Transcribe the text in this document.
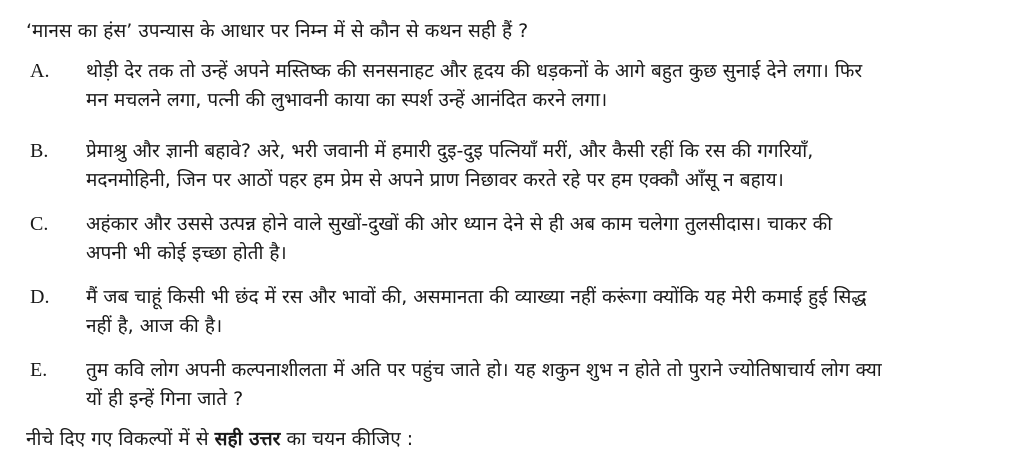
‘मानस का हंस’ उपन्यास के आधार पर निम्न में से कौन से कथन सही हैं ?
A. थोड़ी देर तक तो उन्हें अपने मस्तिष्क की सनसनाहट और हृदय की धड़कनों के आगे बहुत कुछ सुनाई देने लगा। फिर
मन मचलने लगा, पत्नी की लुभावनी काया का स्पर्श उन्हें आनंदित करने लगा।
B. प्रेमाश्रु और ज्ञानी बहावे? अरे, भरी जवानी में हमारी दुइ-दुइ पत्नियाँ मरीं, और कैसी रहीं कि रस की गगरियाँ,
मदनमोहिनी, जिन पर आठों पहर हम प्रेम से अपने प्राण निछावर करते रहे पर हम एक्कौ आँसू न बहाय।
C. अहंकार और उससे उत्पन्न होने वाले सुखों-दुखों की ओर ध्यान देने से ही अब काम चलेगा तुलसीदास। चाकर की
अपनी भी कोई इच्छा होती है।
D. मैं जब चाहूं किसी भी छंद में रस और भावों की, असमानता की व्याख्या नहीं करूंगा क्योंकि यह मेरी कमाई हुई सिद्ध
नहीं है, आज की है।
E. तुम कवि लोग अपनी कल्पनाशीलता में अति पर पहुंच जाते हो। यह शकुन शुभ न होते तो पुराने ज्योतिषाचार्य लोग क्या
यों ही इन्हें गिना जाते ?
नीचे दिए गए विकल्पों में से सही उत्तर का चयन कीजिए :
